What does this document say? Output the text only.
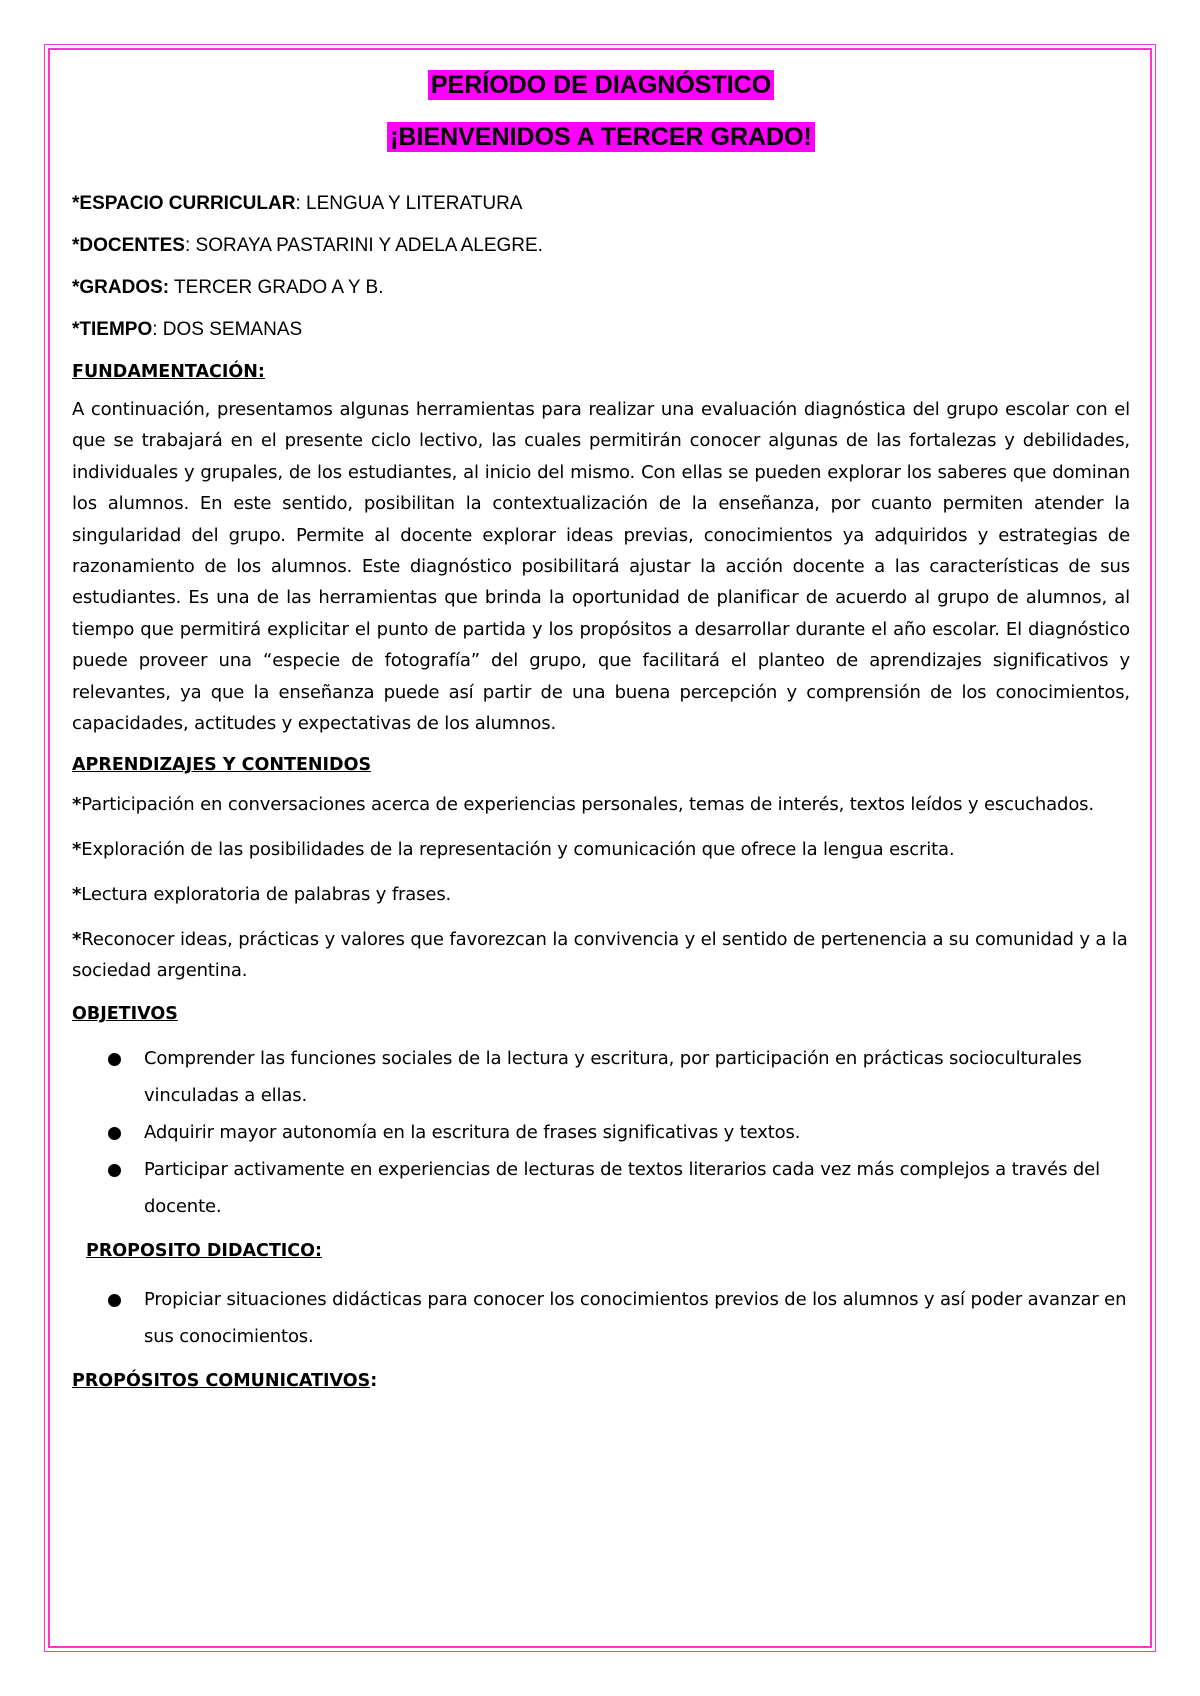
PERÍODO DE DIAGNÓSTICO
¡BIENVENIDOS A TERCER GRADO!

*ESPACIO CURRICULAR: LENGUA Y LITERATURA

*DOCENTES: SORAYA PASTARINI Y ADELA ALEGRE.

*GRADOS: TERCER GRADO A Y B.

*TIEMPO: DOS SEMANAS

FUNDAMENTACIÓN:

A continuación, presentamos algunas herramientas para realizar una evaluación diagnóstica del grupo escolar con el que se trabajará en el presente ciclo lectivo, las cuales permitirán conocer algunas de las fortalezas y debilidades, individuales y grupales, de los estudiantes, al inicio del mismo. Con ellas se pueden explorar los saberes que dominan los alumnos. En este sentido, posibilitan la contextualización de la enseñanza, por cuanto permiten atender la singularidad del grupo. Permite al docente explorar ideas previas, conocimientos ya adquiridos y estrategias de razonamiento de los alumnos. Este diagnóstico posibilitará ajustar la acción docente a las características de sus estudiantes. Es una de las herramientas que brinda la oportunidad de planificar de acuerdo al grupo de alumnos, al tiempo que permitirá explicitar el punto de partida y los propósitos a desarrollar durante el año escolar. El diagnóstico puede proveer una “especie de fotografía” del grupo, que facilitará el planteo de aprendizajes significativos y relevantes, ya que la enseñanza puede así partir de una buena percepción y comprensión de los conocimientos, capacidades, actitudes y expectativas de los alumnos.

APRENDIZAJES Y CONTENIDOS

*Participación en conversaciones acerca de experiencias personales, temas de interés, textos leídos y escuchados.

*Exploración de las posibilidades de la representación y comunicación que ofrece la lengua escrita.

*Lectura exploratoria de palabras y frases.

*Reconocer ideas, prácticas y valores que favorezcan la convivencia y el sentido de pertenencia a su comunidad y a la sociedad argentina.

OBJETIVOS

Comprender las funciones sociales de la lectura y escritura, por participación en prácticas socioculturales vinculadas a ellas.
Adquirir mayor autonomía en la escritura de frases significativas y textos.
Participar activamente en experiencias de lecturas de textos literarios cada vez más complejos a través del docente.

PROPOSITO DIDACTICO:

Propiciar situaciones didácticas para conocer los conocimientos previos de los alumnos y así poder avanzar en sus conocimientos.

PROPÓSITOS COMUNICATIVOS:
